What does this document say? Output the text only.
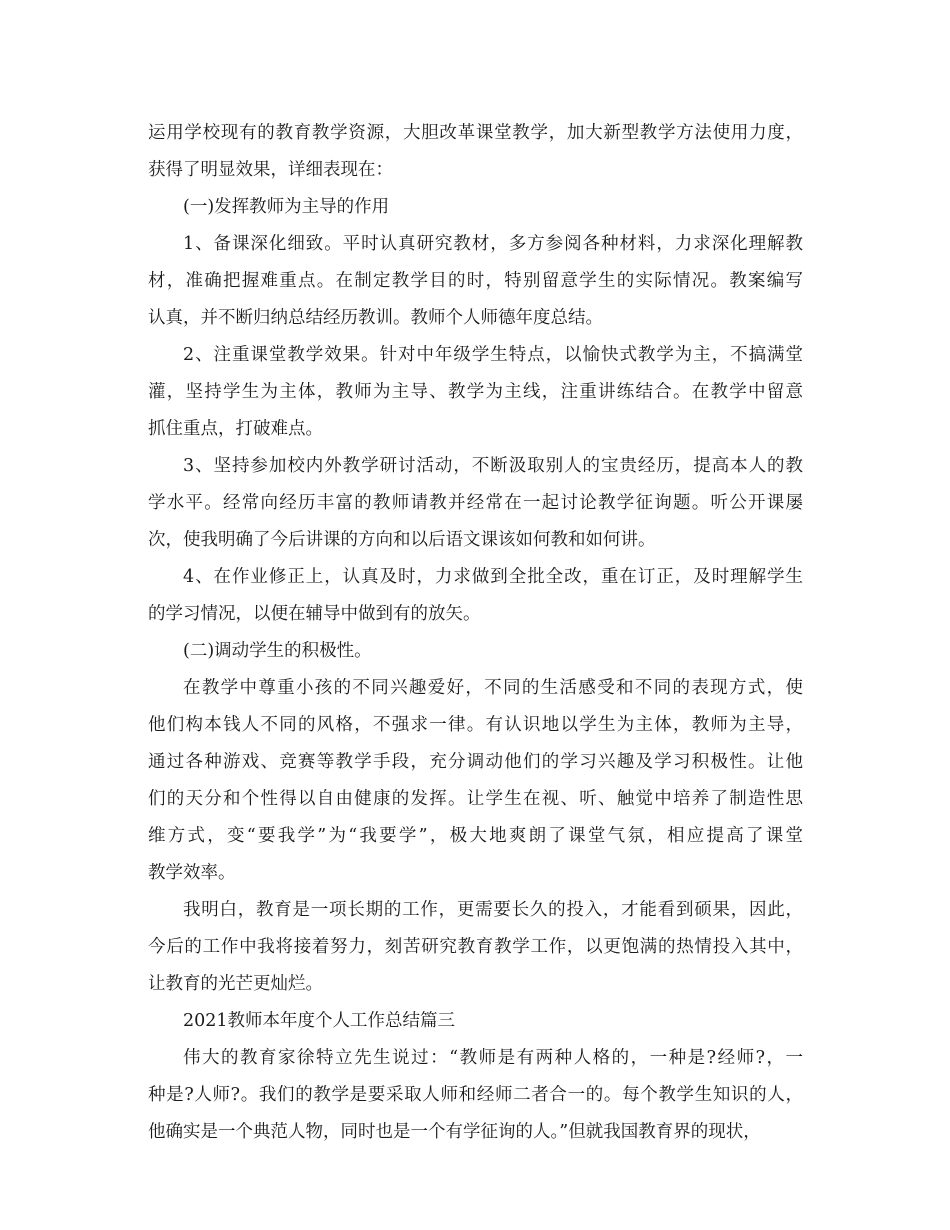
运用学校现有的教育教学资源，大胆改革课堂教学，加大新型教学方法使用力度，
获得了明显效果，详细表现在：
(一)发挥教师为主导的作用
1、备课深化细致。平时认真研究教材，多方参阅各种材料，力求深化理解教
材，准确把握难重点。在制定教学目的时，特别留意学生的实际情况。教案编写
认真，并不断归纳总结经历教训。教师个人师德年度总结。
2、注重课堂教学效果。针对中年级学生特点，以愉快式教学为主，不搞满堂
灌，坚持学生为主体，教师为主导、教学为主线，注重讲练结合。在教学中留意
抓住重点，打破难点。
3、坚持参加校内外教学研讨活动，不断汲取别人的宝贵经历，提高本人的教
学水平。经常向经历丰富的教师请教并经常在一起讨论教学征询题。听公开课屡
次，使我明确了今后讲课的方向和以后语文课该如何教和如何讲。
4、在作业修正上，认真及时，力求做到全批全改，重在订正，及时理解学生
的学习情况，以便在辅导中做到有的放矢。
(二)调动学生的积极性。
在教学中尊重小孩的不同兴趣爱好，不同的生活感受和不同的表现方式，使
他们构本钱人不同的风格，不强求一律。有认识地以学生为主体，教师为主导，
通过各种游戏、竞赛等教学手段，充分调动他们的学习兴趣及学习积极性。让他
们的天分和个性得以自由健康的发挥。让学生在视、听、触觉中培养了制造性思
维方式，变“要我学”为“我要学”，极大地爽朗了课堂气氛，相应提高了课堂
教学效率。
我明白，教育是一项长期的工作，更需要长久的投入，才能看到硕果，因此，
今后的工作中我将接着努力，刻苦研究教育教学工作，以更饱满的热情投入其中，
让教育的光芒更灿烂。
2021教师本年度个人工作总结篇三
伟大的教育家徐特立先生说过：“教师是有两种人格的，一种是?经师?，一
种是?人师?。我们的教学是要采取人师和经师二者合一的。每个教学生知识的人，
他确实是一个典范人物，同时也是一个有学征询的人。”但就我国教育界的现状，
